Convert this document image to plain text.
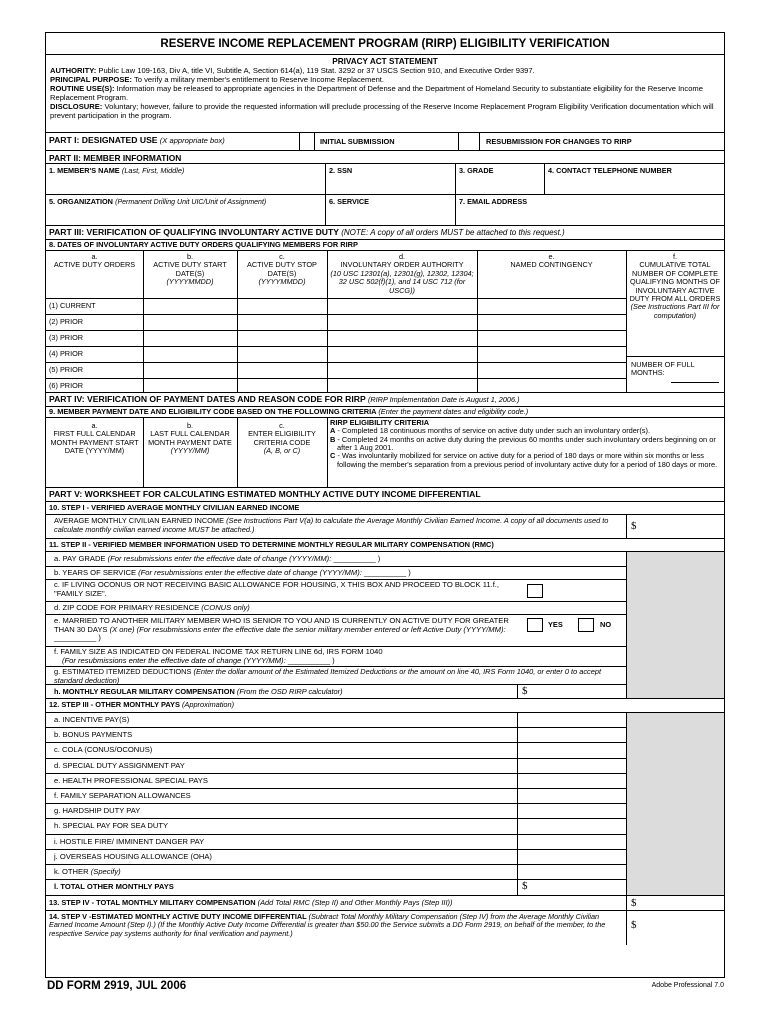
RESERVE INCOME REPLACEMENT PROGRAM (RIRP) ELIGIBILITY VERIFICATION
PRIVACY ACT STATEMENT

AUTHORITY: Public Law 109-163, Div A, title VI, Subtitle A, Section 614(a), 119 Stat. 3292 or 37 USCS Section 910, and Executive Order 9397.

PRINCIPAL PURPOSE: To verify a military member's entitlement to Reserve Income Replacement.

ROUTINE USE(S): Information may be released to appropriate agencies in the Department of Defense and the Department of Homeland Security to substantiate eligibility for the Reserve Income Replacement Program.

DISCLOSURE: Voluntary; however, failure to provide the requested information will preclude processing of the Reserve Income Replacement Program Eligibility Verification documentation which will prevent participation in the program.

PART I: DESIGNATED USE (X appropriate box)	INITIAL SUBMISSION	RESUBMISSION FOR CHANGES TO RIRP
PART II: MEMBER INFORMATION
1. MEMBER'S NAME (Last, First, Middle)	2. SSN	3. GRADE	4. CONTACT TELEPHONE NUMBER
5. ORGANIZATION (Permanent Drilling Unit UIC/Unit of Assignment)	6. SERVICE	7. EMAIL ADDRESS
PART III: VERIFICATION OF QUALIFYING INVOLUNTARY ACTIVE DUTY (NOTE: A copy of all orders MUST be attached to this request.)
8. DATES OF INVOLUNTARY ACTIVE DUTY ORDERS QUALIFYING MEMBERS FOR RIRP
a.
ACTIVE DUTY ORDERS
b.
ACTIVE DUTY START DATE(S)
(YYYYMMDD)
c.
ACTIVE DUTY STOP DATE(S)
(YYYYMMDD)
d.
INVOLUNTARY ORDER AUTHORITY
(10 USC 12301(a), 12301(g), 12302, 12304; 32 USC 502(f)(1), and 14 USC 712 (for USCG))
e.
NAMED CONTINGENCY
f.
CUMULATIVE TOTAL NUMBER OF COMPLETE QUALIFYING MONTHS OF INVOLUNTARY ACTIVE DUTY FROM ALL ORDERS
(See Instructions Part III for computation)
NUMBER OF FULL MONTHS:
(1) CURRENT
(2) PRIOR
(3) PRIOR
(4) PRIOR
(5) PRIOR
(6) PRIOR
PART IV: VERIFICATION OF PAYMENT DATES AND REASON CODE FOR RIRP (RIRP Implementation Date is August 1, 2006.)
9. MEMBER PAYMENT DATE AND ELIGIBILITY CODE BASED ON THE FOLLOWING CRITERIA (Enter the payment dates and eligibility code.)
a.
FIRST FULL CALENDAR MONTH PAYMENT START DATE (YYYY/MM)
b.
LAST FULL CALENDAR MONTH PAYMENT DATE
(YYYY/MM)
c.
ENTER ELIGIBILITY CRITERIA CODE
(A, B, or C)
RIRP ELIGIBILITY CRITERIA
A - Completed 18 continuous months of service on active duty under such an involuntary order(s).
B - Completed 24 months on active duty during the previous 60 months under such involuntary orders beginning on or after 1 Aug 2001.
C - Was involuntarily mobilized for service on active duty for a period of 180 days or more within six months or less following the member's separation from a previous period of involuntary active duty for a period of 180 days or more.
PART V: WORKSHEET FOR CALCULATING ESTIMATED MONTHLY ACTIVE DUTY INCOME DIFFERENTIAL
10. STEP I - VERIFIED AVERAGE MONTHLY CIVILIAN EARNED INCOME
AVERAGE MONTHLY CIVILIAN EARNED INCOME (See Instructions Part V(a) to calculate the Average Monthly Civilian Earned Income. A copy of all documents used to calculate monthly civilian earned income MUST be attached.)	$
11. STEP II - VERIFIED MEMBER INFORMATION USED TO DETERMINE MONTHLY REGULAR MILITARY COMPENSATION (RMC)
a. PAY GRADE (For resubmissions enter the effective date of change (YYYY/MM): __________ )
b. YEARS OF SERVICE (For resubmissions enter the effective date of change (YYYY/MM): __________ )
c. IF LIVING OCONUS OR NOT RECEIVING BASIC ALLOWANCE FOR HOUSING, X THIS BOX AND PROCEED TO BLOCK 11.f., "FAMILY SIZE".
d. ZIP CODE FOR PRIMARY RESIDENCE (CONUS only)
e. MARRIED TO ANOTHER MILITARY MEMBER WHO IS SENIOR TO YOU AND IS CURRENTLY ON ACTIVE DUTY FOR GREATER THAN 30 DAYS (X one) (For resubmissions enter the effective date the senior military member entered or left Active Duty (YYYY/MM): __________ )
YES	NO
f. FAMILY SIZE AS INDICATED ON FEDERAL INCOME TAX RETURN LINE 6d, IRS FORM 1040
(For resubmissions enter the effective date of change (YYYY/MM): __________ )
g. ESTIMATED ITEMIZED DEDUCTIONS (Enter the dollar amount of the Estimated Itemized Deductions or the amount on line 40, IRS Form 1040, or enter 0 to accept standard deduction)
h. MONTHLY REGULAR MILITARY COMPENSATION (From the OSD RIRP calculator)	$
12. STEP III - OTHER MONTHLY PAYS (Approximation)
a. INCENTIVE PAY(S)
b. BONUS PAYMENTS
c. COLA (CONUS/OCONUS)
d. SPECIAL DUTY ASSIGNMENT PAY
e. HEALTH PROFESSIONAL SPECIAL PAYS
f. FAMILY SEPARATION ALLOWANCES
g. HARDSHIP DUTY PAY
h. SPECIAL PAY FOR SEA DUTY
i. HOSTILE FIRE/ IMMINENT DANGER PAY
j. OVERSEAS HOUSING ALLOWANCE (OHA)
k. OTHER (Specify)
l. TOTAL OTHER MONTHLY PAYS	$
13. STEP IV - TOTAL MONTHLY MILITARY COMPENSATION (Add Total RMC (Step II) and Other Monthly Pays (Step III))	$
14. STEP V -ESTIMATED MONTHLY ACTIVE DUTY INCOME DIFFERENTIAL (Subtract Total Monthly Military Compensation (Step IV) from the Average Monthly Civilian Earned Income Amount (Step I).) (If the Monthly Active Duty Income Differential is greater than $50.00 the Service submits a DD Form 2919, on behalf of the member, to the respective Service pay systems authority for final verification and payment.)
$
DD FORM 2919, JUL 2006	Adobe Professional 7.0
